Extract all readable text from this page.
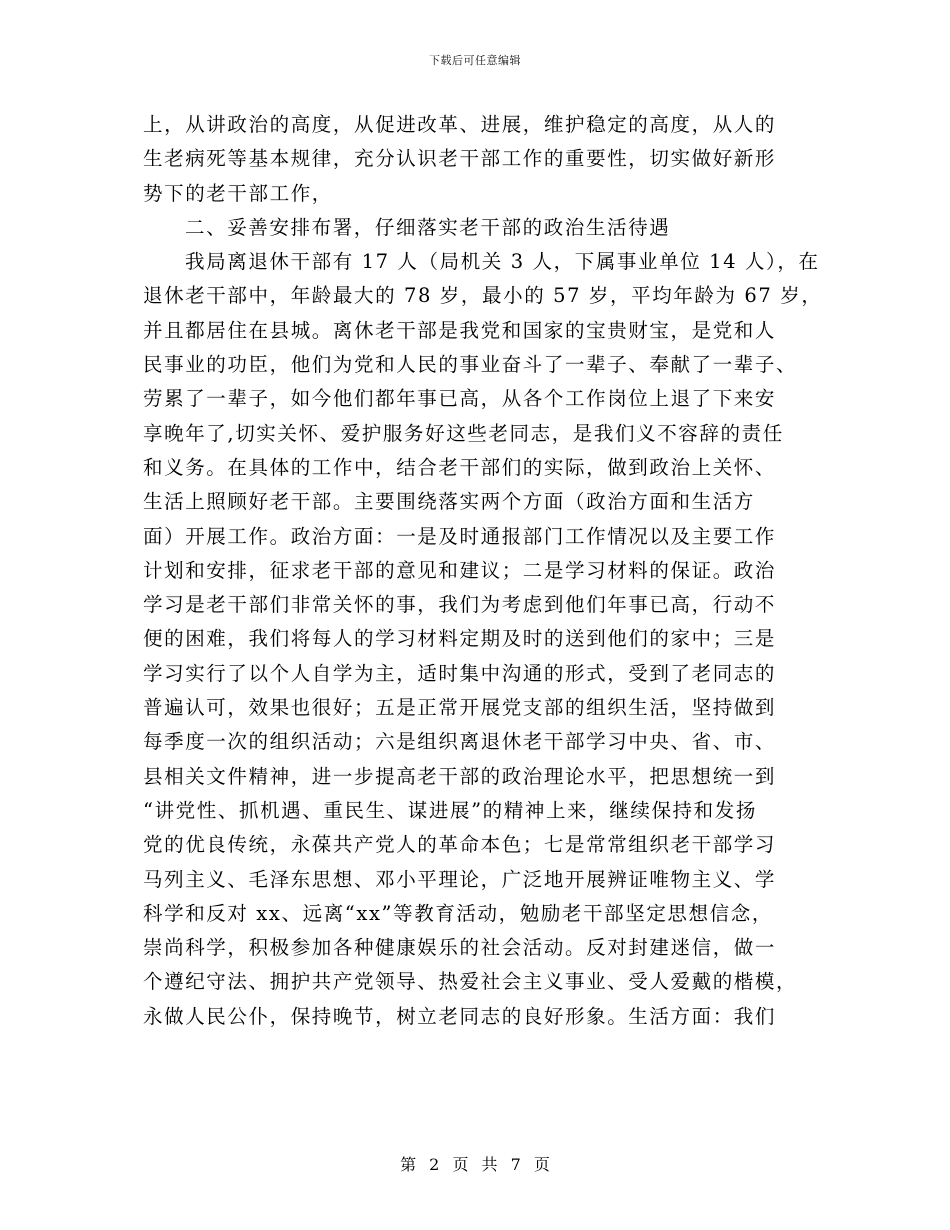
下载后可任意编辑
上，从讲政治的高度，从促进改革、进展，维护稳定的高度，从人的
生老病死等基本规律，充分认识老干部工作的重要性，切实做好新形
势下的老干部工作，
二、妥善安排布署，仔细落实老干部的政治生活待遇
我局离退休干部有 17 人（局机关 3 人，下属事业单位 14 人），在
退休老干部中，年龄最大的 78 岁，最小的 57 岁，平均年龄为 67 岁，
并且都居住在县城。离休老干部是我党和国家的宝贵财宝，是党和人
民事业的功臣，他们为党和人民的事业奋斗了一辈子、奉献了一辈子、
劳累了一辈子，如今他们都年事已高，从各个工作岗位上退了下来安
享晚年了,切实关怀、爱护服务好这些老同志，是我们义不容辞的责任
和义务。在具体的工作中，结合老干部们的实际，做到政治上关怀、
生活上照顾好老干部。主要围绕落实两个方面（政治方面和生活方
面）开展工作。政治方面：一是及时通报部门工作情况以及主要工作
计划和安排，征求老干部的意见和建议；二是学习材料的保证。政治
学习是老干部们非常关怀的事，我们为考虑到他们年事已高，行动不
便的困难，我们将每人的学习材料定期及时的送到他们的家中；三是
学习实行了以个人自学为主，适时集中沟通的形式，受到了老同志的
普遍认可，效果也很好；五是正常开展党支部的组织生活，坚持做到
每季度一次的组织活动；六是组织离退休老干部学习中央、省、市、
县相关文件精神，进一步提高老干部的政治理论水平，把思想统一到
“讲党性、抓机遇、重民生、谋进展”的精神上来，继续保持和发扬
党的优良传统，永葆共产党人的革命本色；七是常常组织老干部学习
马列主义、毛泽东思想、邓小平理论，广泛地开展辨证唯物主义、学
科学和反对 xx、远离“xx”等教育活动，勉励老干部坚定思想信念，
崇尚科学，积极参加各种健康娱乐的社会活动。反对封建迷信，做一
个遵纪守法、拥护共产党领导、热爱社会主义事业、受人爱戴的楷模，
永做人民公仆，保持晚节，树立老同志的良好形象。生活方面：我们
第 2 页 共 7 页
